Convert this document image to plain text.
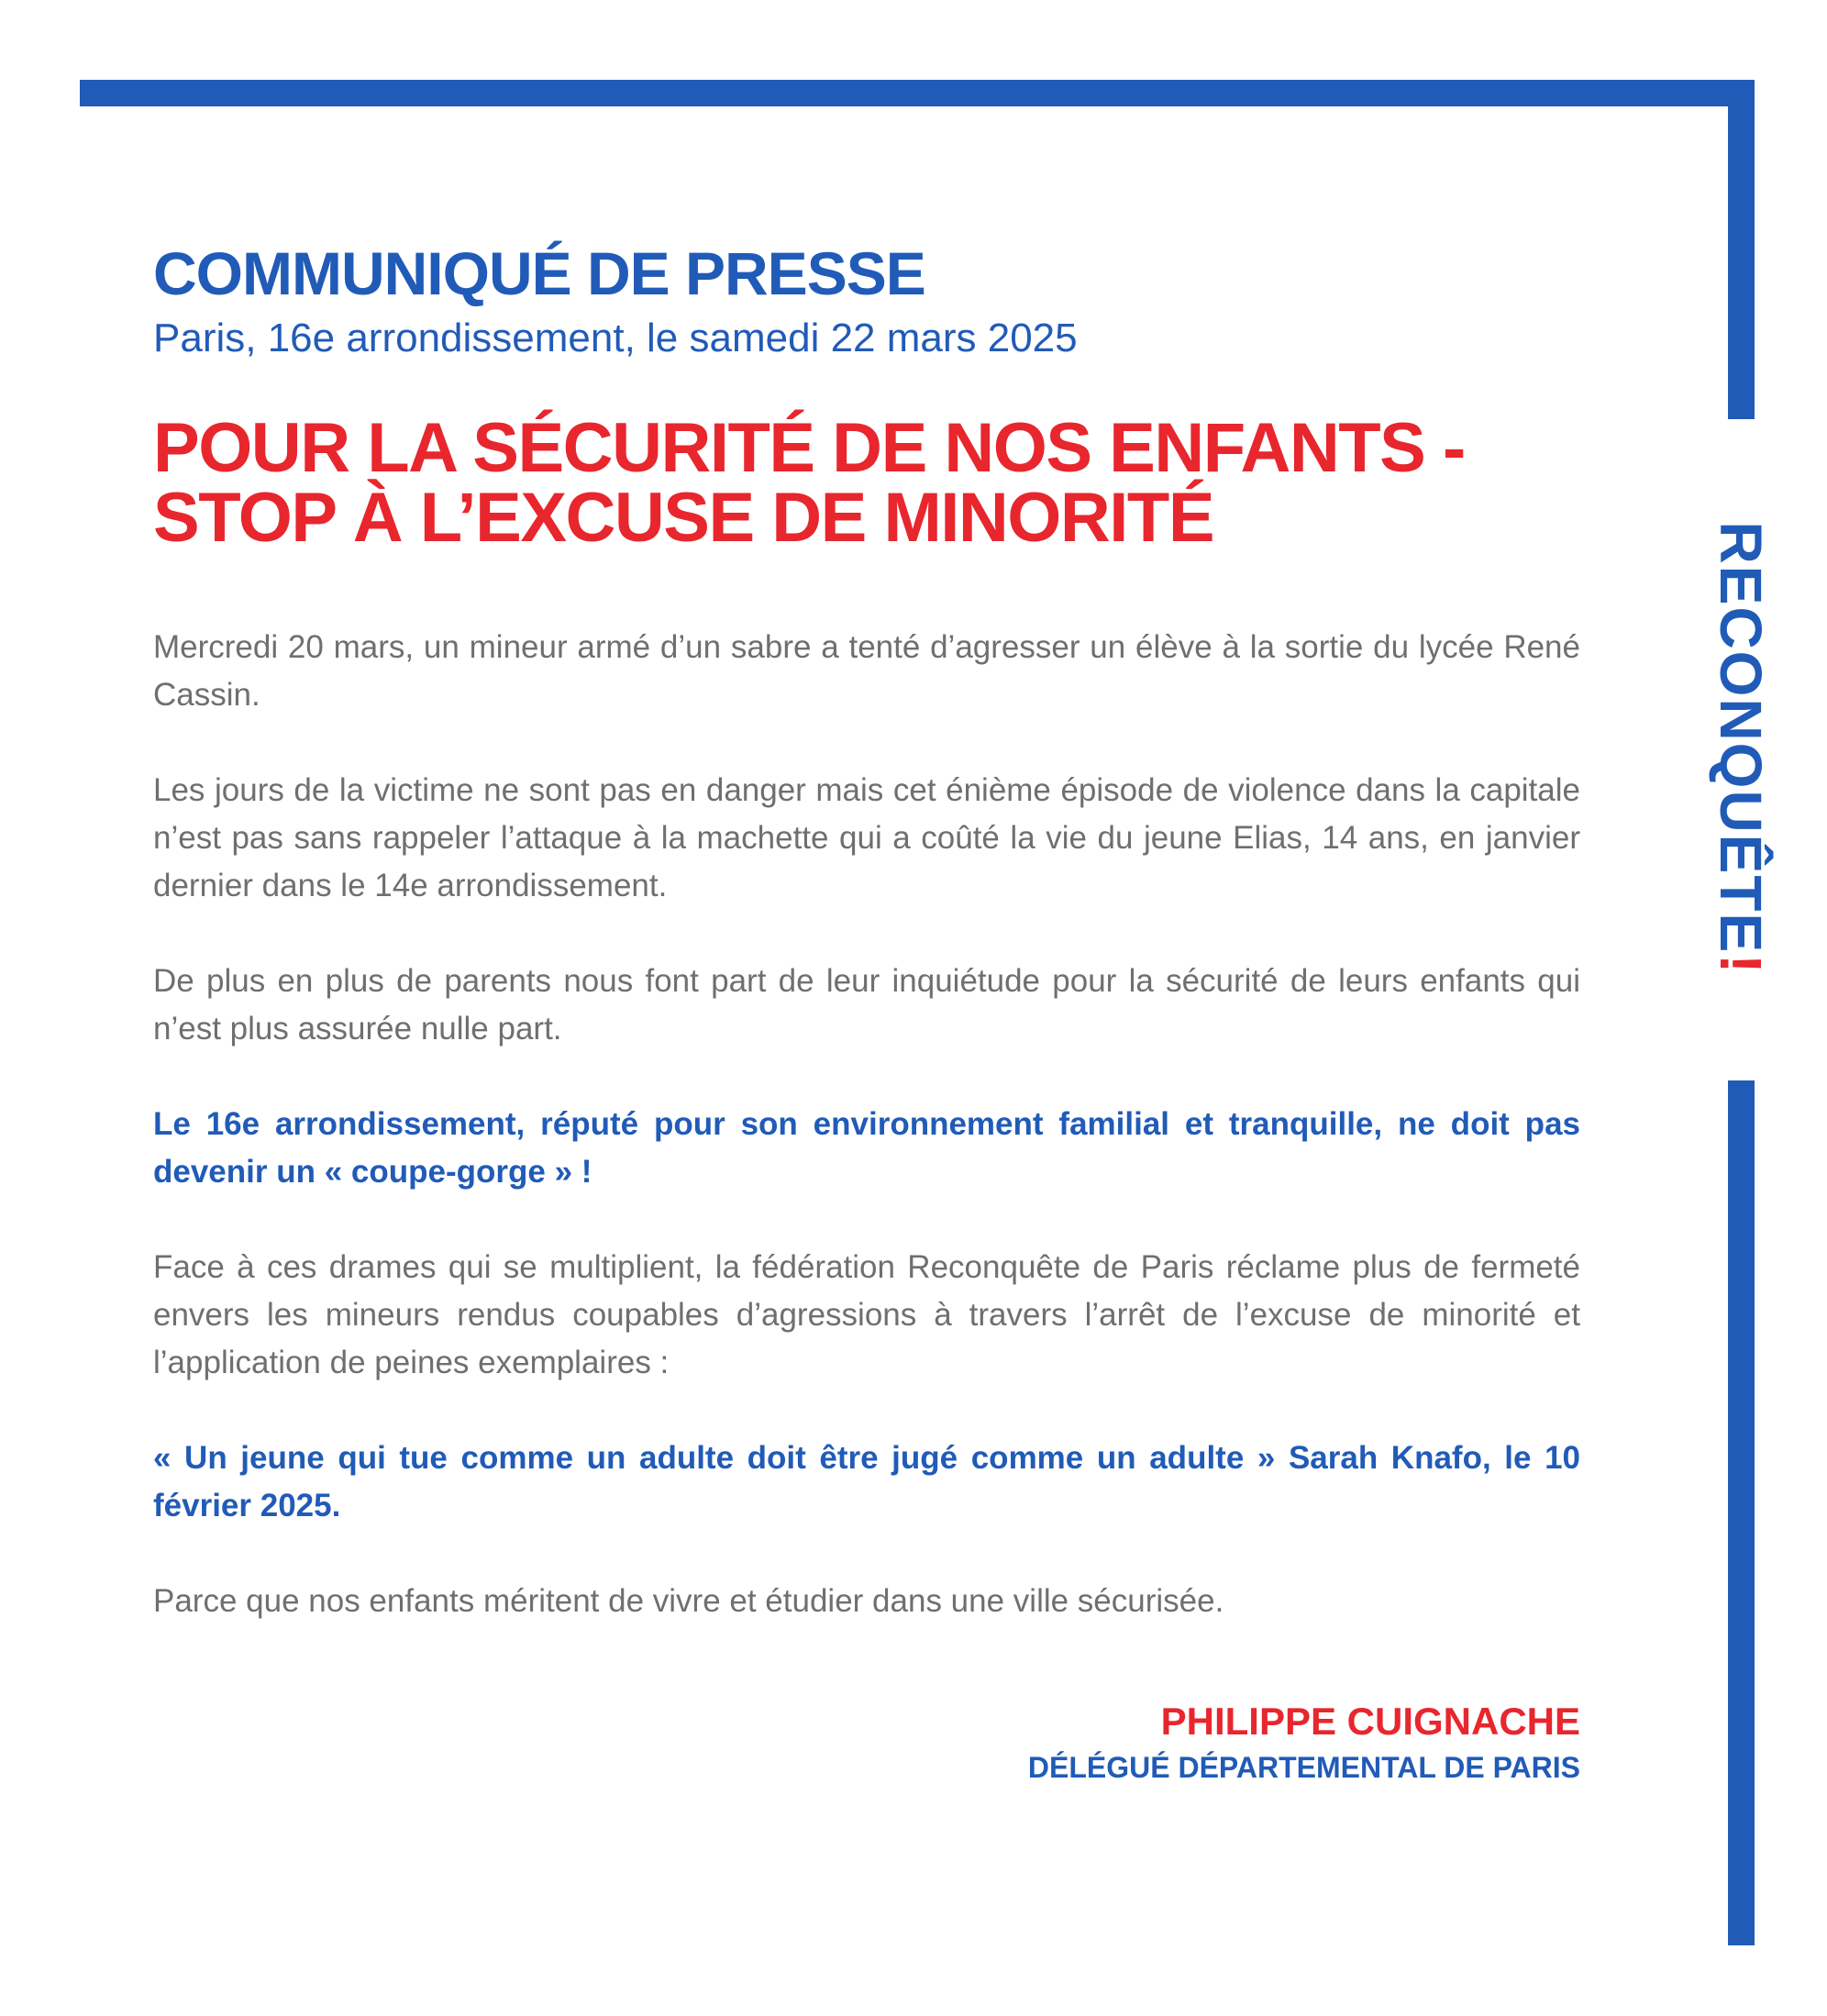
RECONQUÊTE!
COMMUNIQUÉ DE PRESSE

Paris, 16e arrondissement, le samedi 22 mars 2025

POUR LA SÉCURITÉ DE NOS ENFANTS -
STOP À L’EXCUSE DE MINORITÉ

Mercredi 20 mars, un mineur armé d’un sabre a tenté d’agresser un élève à la sortie du lycée René Cassin.

Les jours de la victime ne sont pas en danger mais cet énième épisode de violence dans la capitale n’est pas sans rappeler l’attaque à la machette qui a coûté la vie du jeune Elias, 14 ans, en janvier dernier dans le 14e arrondissement.

De plus en plus de parents nous font part de leur inquiétude pour la sécurité de leurs enfants qui n’est plus assurée nulle part.

Le 16e arrondissement, réputé pour son environnement familial et tranquille, ne doit pas devenir un « coupe-gorge » !

Face à ces drames qui se multiplient, la fédération Reconquête de Paris réclame plus de fermeté envers les mineurs rendus coupables d’agressions à travers l’arrêt de l’excuse de minorité et l’application de peines exemplaires :

« Un jeune qui tue comme un adulte doit être jugé comme un adulte » Sarah Knafo, le 10 février 2025.

Parce que nos enfants méritent de vivre et étudier dans une ville sécurisée.

PHILIPPE CUIGNACHE
DÉLÉGUÉ DÉPARTEMENTAL DE PARIS
